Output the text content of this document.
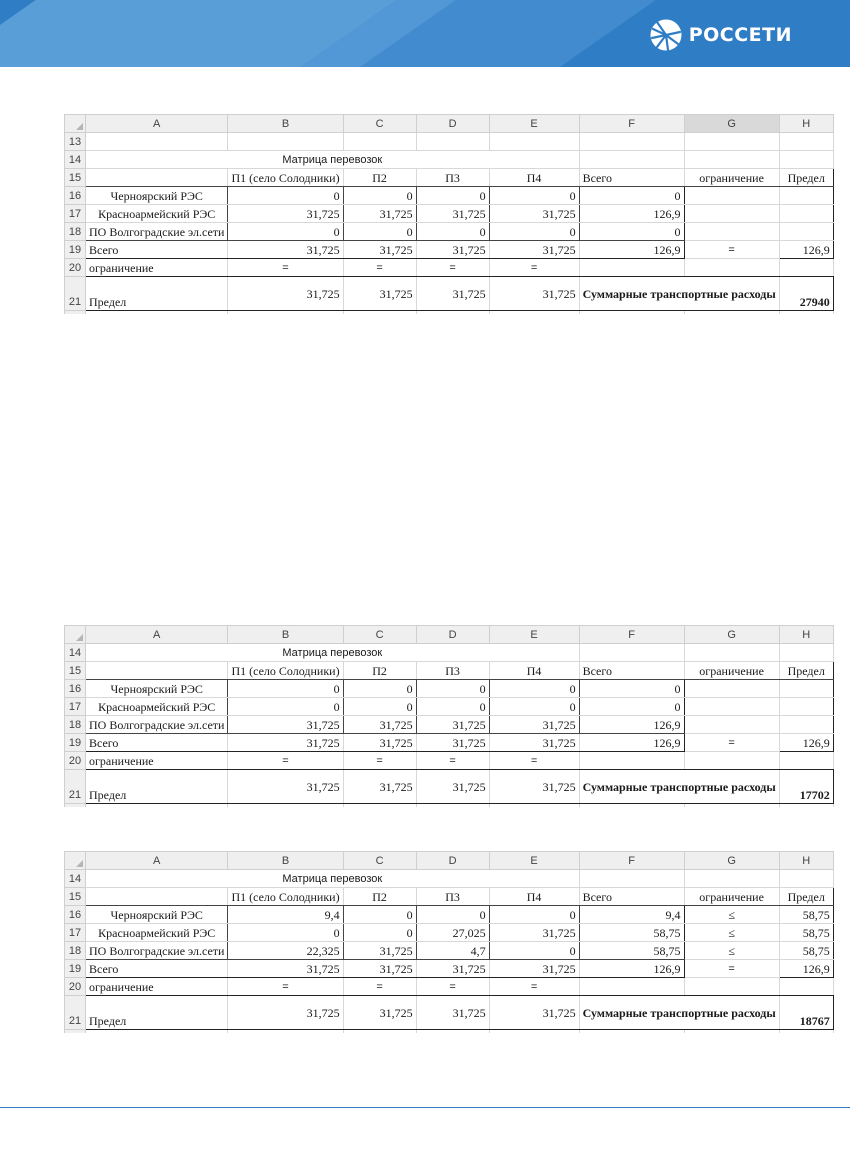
РОССЕТИ
	A	B	C	D	E	F	G	H
13								
14	Матрица перевозок							
15		П1 (село Солодники)	П2	П3	П4	Всего	ограничение	Предел
16	Черноярский РЭС	0	0	0	0	0		
17	Красноармейский РЭС	31,725	31,725	31,725	31,725	126,9		
18	ПО Волгоградские эл.сети	0	0	0	0	0		
19	Всего	31,725	31,725	31,725	31,725	126,9	=	126,9
20	ограничение	=	=	=	=			
21	Предел	31,725	31,725	31,725	31,725	Суммарные транспортные расходы		27940

	A	B	C	D	E	F	G	H
14	Матрица перевозок							
15		П1 (село Солодники)	П2	П3	П4	Всего	ограничение	Предел
16	Черноярский РЭС	0	0	0	0	0		
17	Красноармейский РЭС	0	0	0	0	0		
18	ПО Волгоградские эл.сети	31,725	31,725	31,725	31,725	126,9		
19	Всего	31,725	31,725	31,725	31,725	126,9	=	126,9
20	ограничение	=	=	=	=			
21	Предел	31,725	31,725	31,725	31,725	Суммарные транспортные расходы		17702

	A	B	C	D	E	F	G	H
14	Матрица перевозок							
15		П1 (село Солодники)	П2	П3	П4	Всего	ограничение	Предел
16	Черноярский РЭС	9,4	0	0	0	9,4	≤	58,75
17	Красноармейский РЭС	0	0	27,025	31,725	58,75	≤	58,75
18	ПО Волгоградские эл.сети	22,325	31,725	4,7	0	58,75	≤	58,75
19	Всего	31,725	31,725	31,725	31,725	126,9	=	126,9
20	ограничение	=	=	=	=			
21	Предел	31,725	31,725	31,725	31,725	Суммарные транспортные расходы		18767
